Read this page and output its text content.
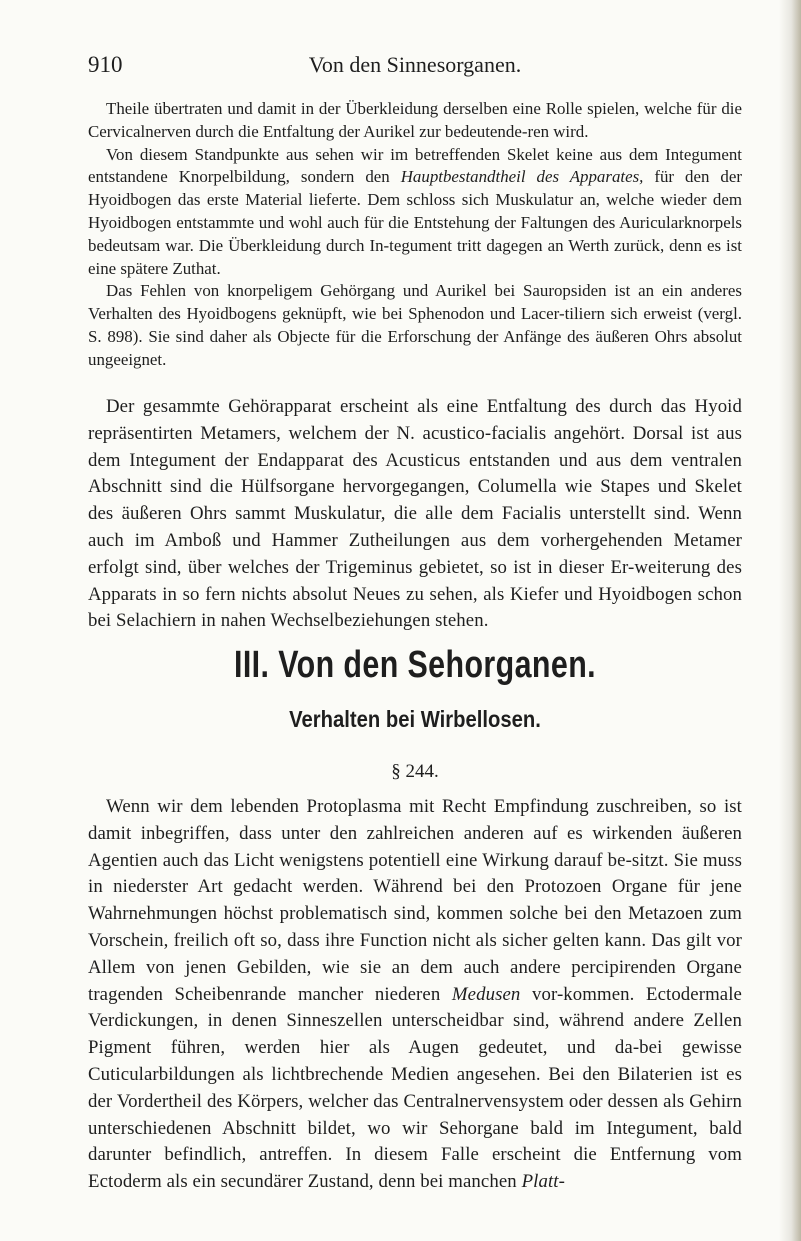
910	Von den Sinnesorganen.

Theile übertraten und damit in der Überkleidung derselben eine Rolle spielen, welche für die Cervicalnerven durch die Entfaltung der Aurikel zur bedeutende-ren wird.

Von diesem Standpunkte aus sehen wir im betreffenden Skelet keine aus dem Integument entstandene Knorpelbildung, sondern den Hauptbestandtheil des Apparates, für den der Hyoidbogen das erste Material lieferte. Dem schloss sich Muskulatur an, welche wieder dem Hyoidbogen entstammte und wohl auch für die Entstehung der Faltungen des Auricularknorpels bedeutsam war. Die Überkleidung durch In-tegument tritt dagegen an Werth zurück, denn es ist eine spätere Zuthat.

Das Fehlen von knorpeligem Gehörgang und Aurikel bei Sauropsiden ist an ein anderes Verhalten des Hyoidbogens geknüpft, wie bei Sphenodon und Lacer-tiliern sich erweist (vergl. S. 898). Sie sind daher als Objecte für die Erforschung der Anfänge des äußeren Ohrs absolut ungeeignet.

Der gesammte Gehörapparat erscheint als eine Entfaltung des durch das Hyoid repräsentirten Metamers, welchem der N. acustico-facialis angehört. Dorsal ist aus dem Integument der Endapparat des Acusticus entstanden und aus dem ventralen Abschnitt sind die Hülfsorgane hervorgegangen, Columella wie Stapes und Skelet des äußeren Ohrs sammt Muskulatur, die alle dem Facialis unterstellt sind. Wenn auch im Amboß und Hammer Zutheilungen aus dem vorhergehenden Metamer erfolgt sind, über welches der Trigeminus gebietet, so ist in dieser Er-weiterung des Apparats in so fern nichts absolut Neues zu sehen, als Kiefer und Hyoidbogen schon bei Selachiern in nahen Wechselbeziehungen stehen.

III. Von den Sehorganen.
Verhalten bei Wirbellosen.
§ 244.

Wenn wir dem lebenden Protoplasma mit Recht Empfindung zuschreiben, so ist damit inbegriffen, dass unter den zahlreichen anderen auf es wirkenden äußeren Agentien auch das Licht wenigstens potentiell eine Wirkung darauf be-sitzt. Sie muss in niederster Art gedacht werden. Während bei den Protozoen Organe für jene Wahrnehmungen höchst problematisch sind, kommen solche bei den Metazoen zum Vorschein, freilich oft so, dass ihre Function nicht als sicher gelten kann. Das gilt vor Allem von jenen Gebilden, wie sie an dem auch andere percipirenden Organe tragenden Scheibenrande mancher niederen Medusen vor-kommen. Ectodermale Verdickungen, in denen Sinneszellen unterscheidbar sind, während andere Zellen Pigment führen, werden hier als Augen gedeutet, und da-bei gewisse Cuticularbildungen als lichtbrechende Medien angesehen. Bei den Bilaterien ist es der Vordertheil des Körpers, welcher das Centralnervensystem oder dessen als Gehirn unterschiedenen Abschnitt bildet, wo wir Sehorgane bald im Integument, bald darunter befindlich, antreffen. In diesem Falle erscheint die Entfernung vom Ectoderm als ein secundärer Zustand, denn bei manchen Platt-
